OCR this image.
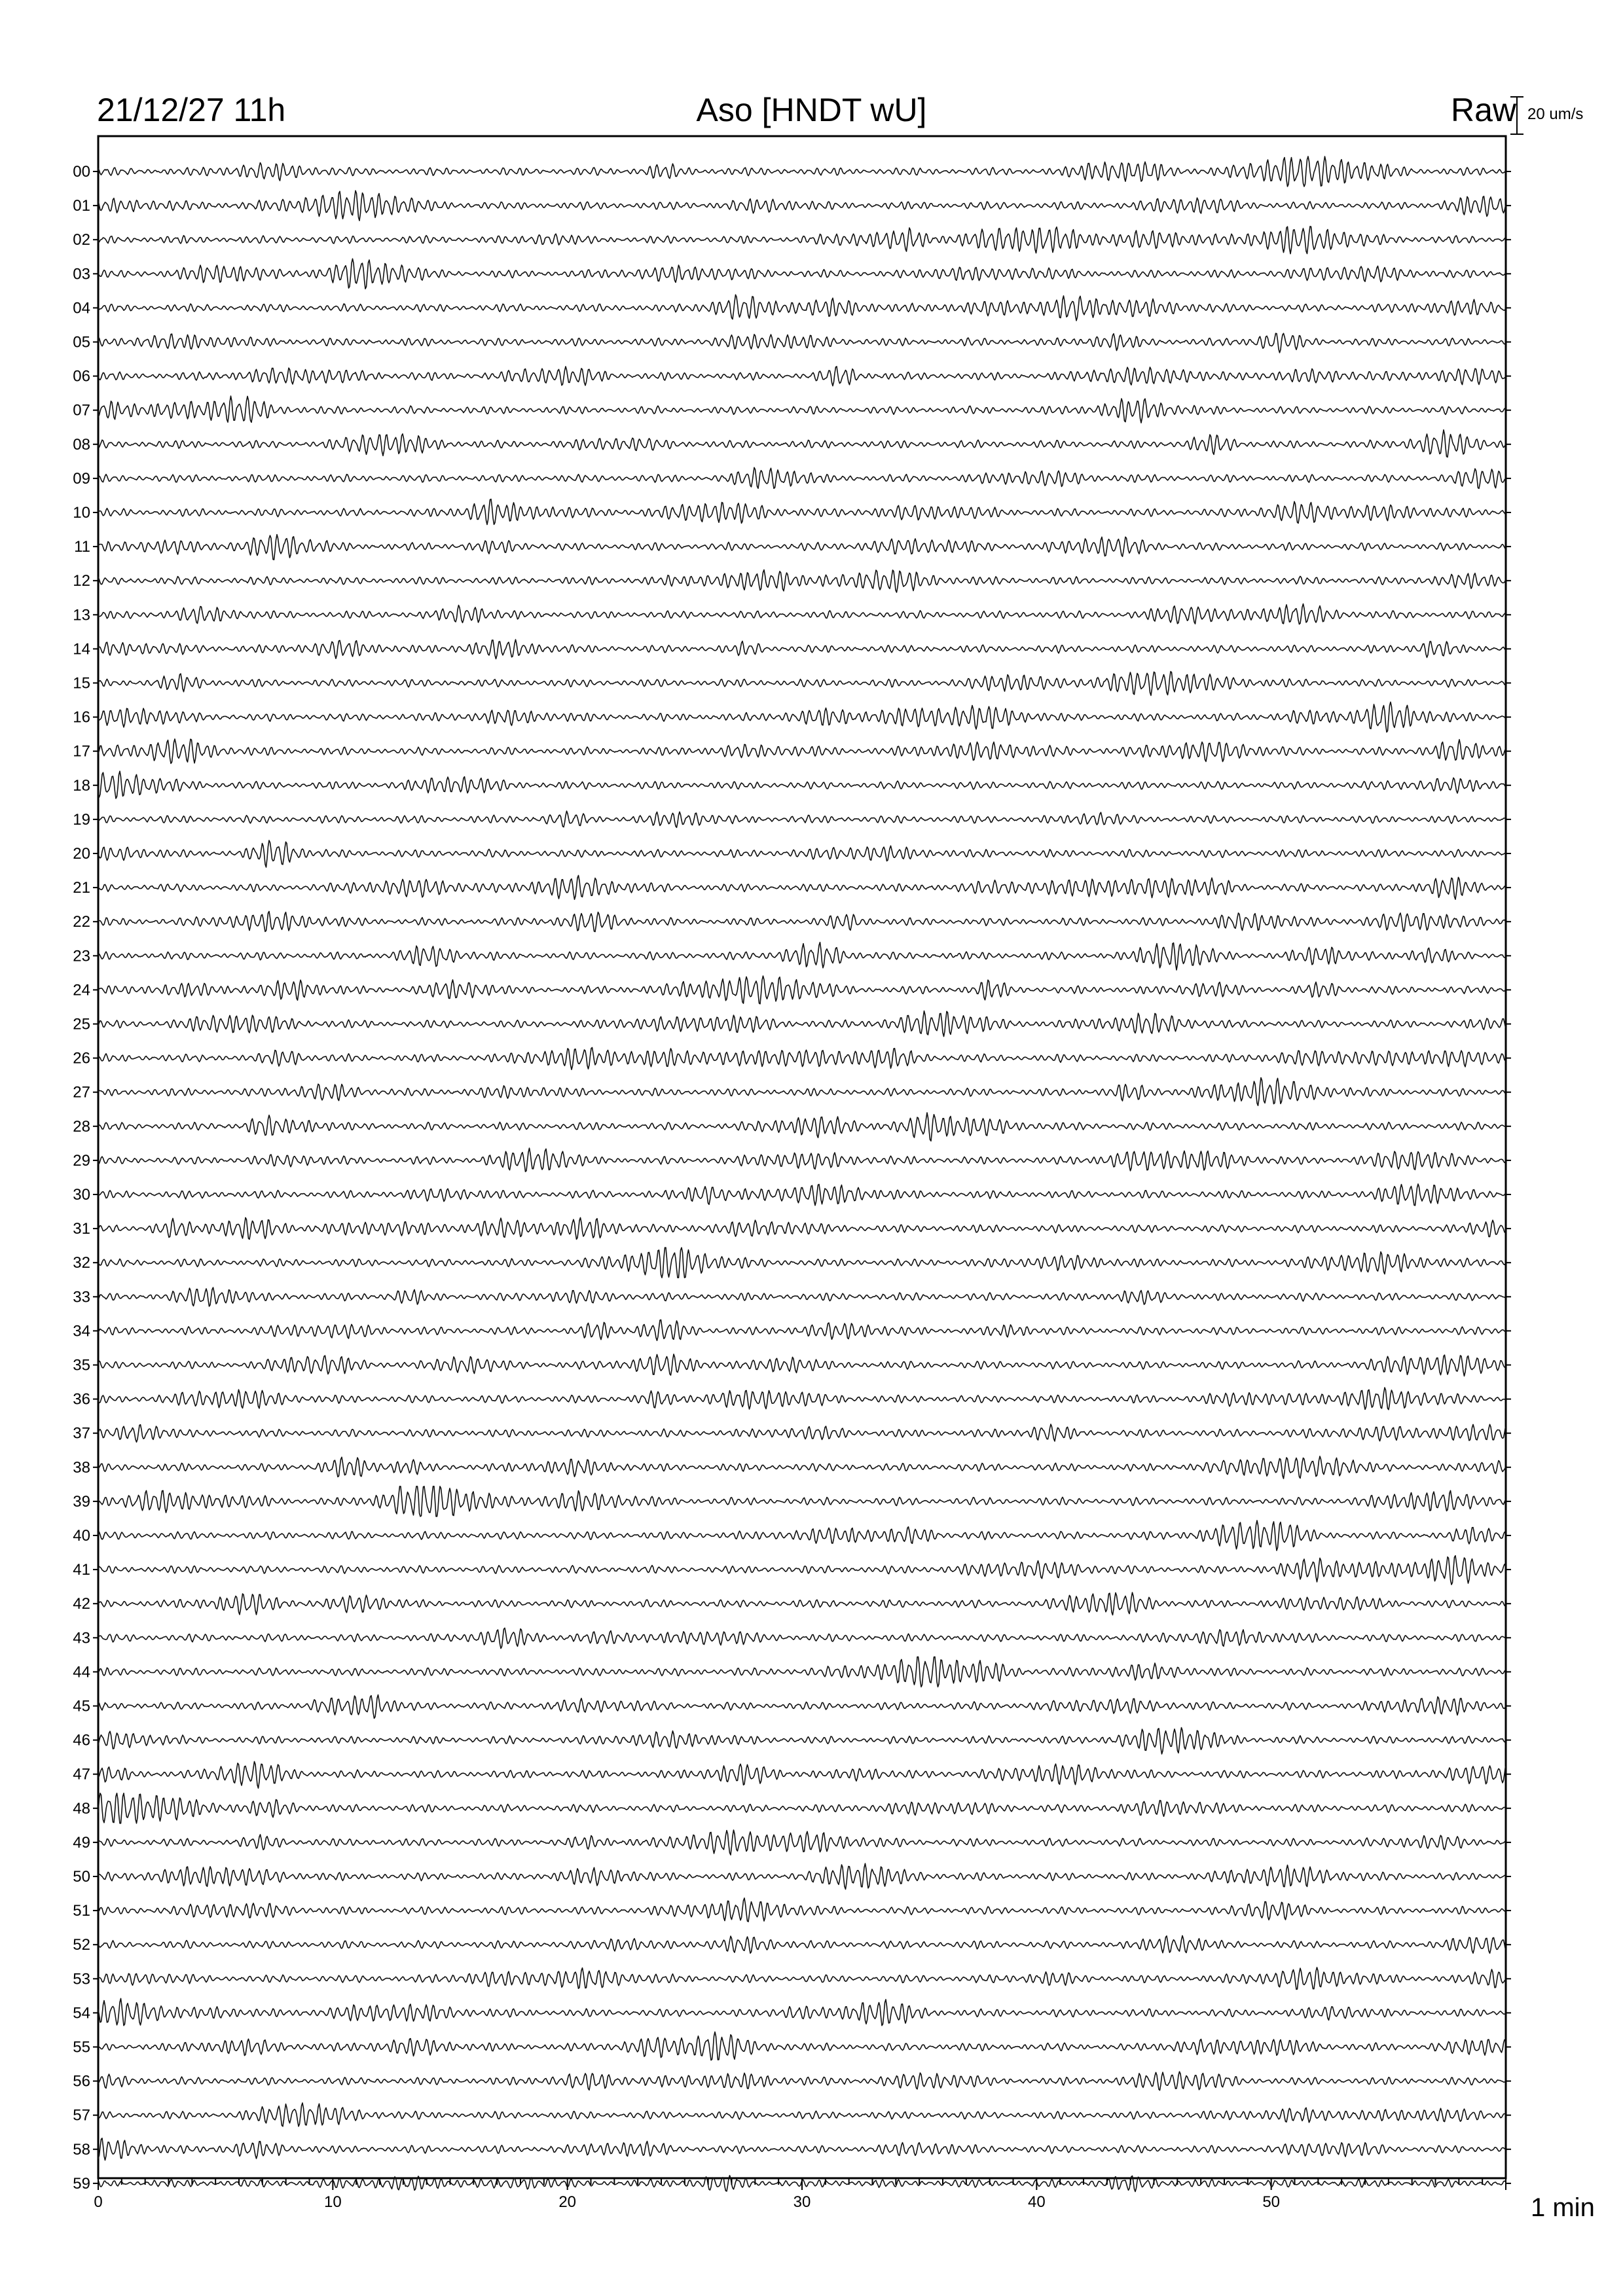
21/12/27 11h	Aso [HNDT wU]	Raw 20 um/s
1 min
00
01
02
03
04
05
06
07
08
09
10
11
12
13
14
15
16
17
18
19
20
21
22
23
24
25
26
27
28
29
30
31
32
33
34
35
36
37
38
39
40
41
42
43
44
45
46
47
48
49
50
51
52
53
54
55
56
57
58
59
0	10	20	30	40	50
